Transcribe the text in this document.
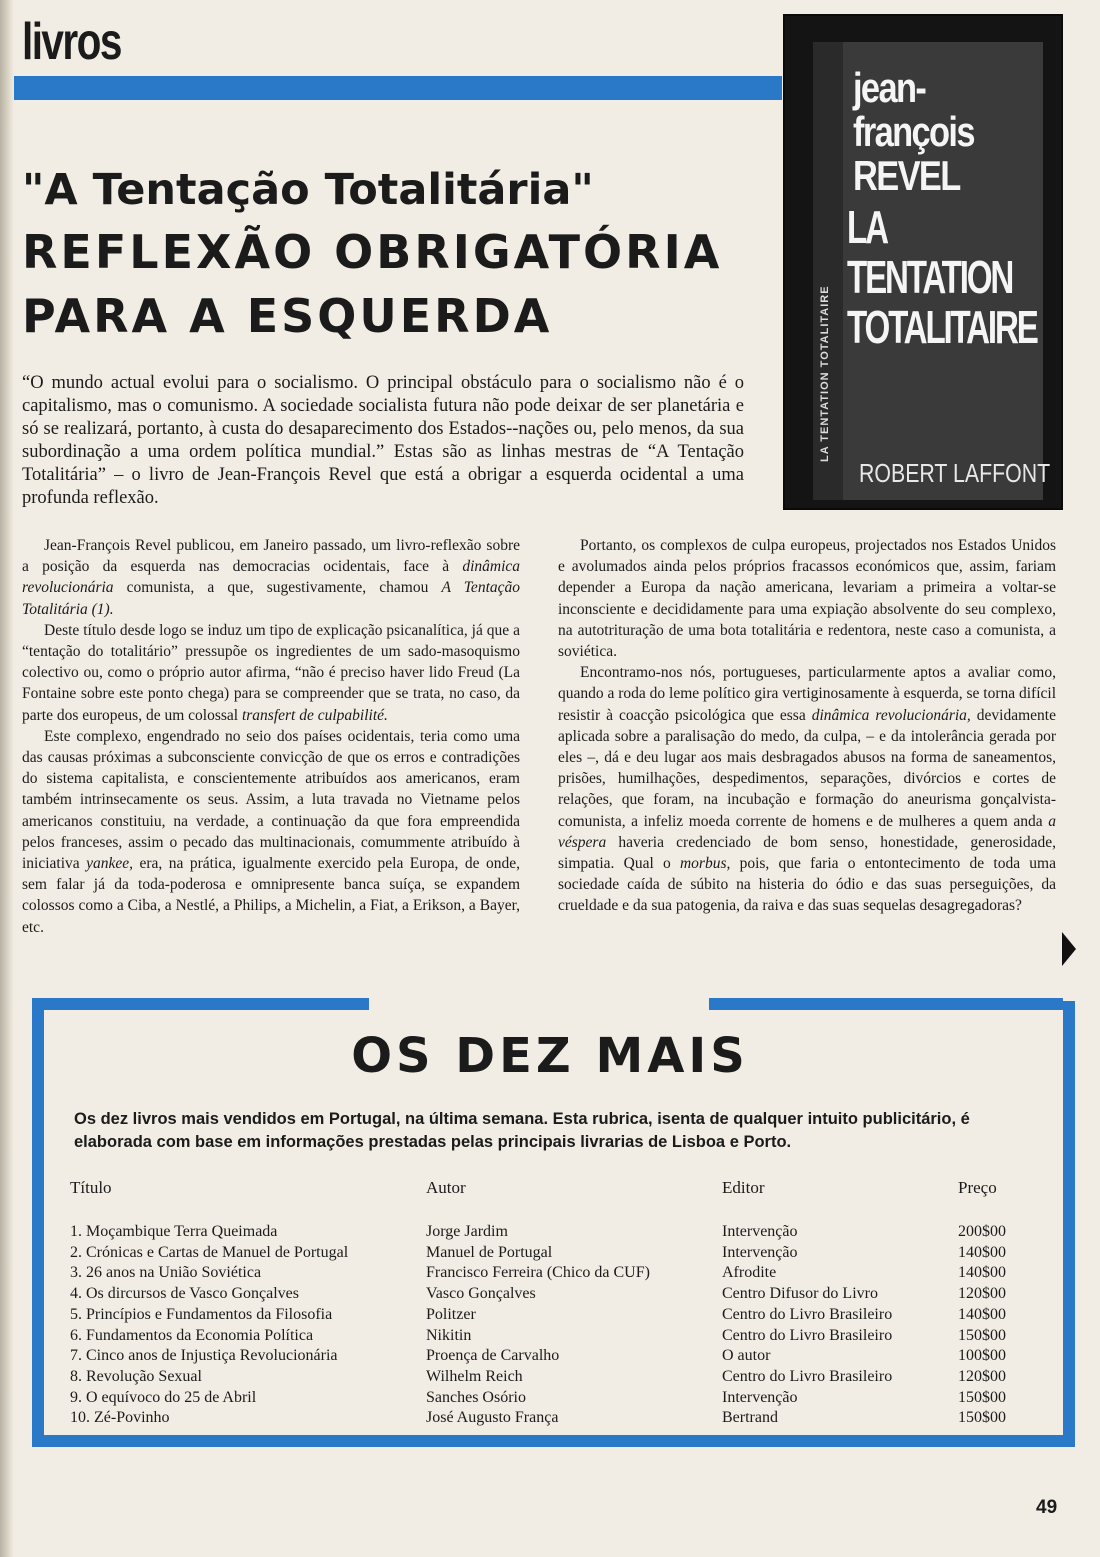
livros
LA TENTATION TOTALITAIRE
jean-françois REVEL
LA TENTATION TOTALITAIRE
ROBERT LAFFONT
"A Tentação Totalitária"
REFLEXÃO OBRIGATÓRIA
PARA A ESQUERDA
“O mundo actual evolui para o socialismo. O principal obstáculo para o socialismo não é o capitalismo, mas o comunismo. A sociedade socialista futura não pode deixar de ser planetária e só se realizará, portanto, à custa do desaparecimento dos Estados--nações ou, pelo menos, da sua subordinação a uma ordem política mundial.” Estas são as linhas mestras de “A Tentação Totalitária” – o livro de Jean-François Revel que está a obrigar a esquerda ocidental a uma profunda reflexão.

Jean-François Revel publicou, em Janeiro passado, um livro-reflexão sobre a posição da esquerda nas democracias ocidentais, face à dinâmica revolucionária comunista, a que, sugestivamente, chamou A Tentação Totalitária (1).

Deste título desde logo se induz um tipo de explicação psicanalítica, já que a “tentação do totalitário” pressupõe os ingredientes de um sado-masoquismo colectivo ou, como o próprio autor afirma, “não é preciso haver lido Freud (La Fontaine sobre este ponto chega) para se compreender que se trata, no caso, da parte dos europeus, de um colossal transfert de culpabilité.

Este complexo, engendrado no seio dos países ocidentais, teria como uma das causas próximas a subconsciente convicção de que os erros e contradições do sistema capitalista, e conscientemente atribuídos aos americanos, eram também intrinsecamente os seus. Assim, a luta travada no Vietname pelos americanos constituiu, na verdade, a continuação da que fora empreendida pelos franceses, assim o pecado das multinacionais, comummente atribuído à iniciativa yankee, era, na prática, igualmente exercido pela Europa, de onde, sem falar já da toda-poderosa e omnipresente banca suíça, se expandem colossos como a Ciba, a Nestlé, a Philips, a Michelin, a Fiat, a Erikson, a Bayer, etc.

Portanto, os complexos de culpa europeus, projectados nos Estados Unidos e avolumados ainda pelos próprios fracassos económicos que, assim, fariam depender a Europa da nação americana, levariam a primeira a voltar-se inconsciente e decididamente para uma expiação absolvente do seu complexo, na autotrituração de uma bota totalitária e redentora, neste caso a comunista, a soviética.

Encontramo-nos nós, portugueses, particularmente aptos a avaliar como, quando a roda do leme político gira vertiginosamente à esquerda, se torna difícil resistir à coacção psicológica que essa dinâmica revolucionária, devidamente aplicada sobre a paralisação do medo, da culpa, – e da intolerância gerada por eles –, dá e deu lugar aos mais desbragados abusos na forma de saneamentos, prisões, humilhações, despedimentos, separações, divórcios e cortes de relações, que foram, na incubação e formação do aneurisma gonçalvista-comunista, a infeliz moeda corrente de homens e de mulheres a quem anda a véspera haveria credenciado de bom senso, honestidade, generosidade, simpatia. Qual o morbus, pois, que faria o entontecimento de toda uma sociedade caída de súbito na histeria do ódio e das suas perseguições, da crueldade e da sua patogenia, da raiva e das suas sequelas desagregadoras?

OS DEZ MAIS
Os dez livros mais vendidos em Portugal, na última semana. Esta rubrica, isenta de qualquer intuito publicitário, é elaborada com base em informações prestadas pelas principais livrarias de Lisboa e Porto.
Título	Autor	Editor	Preço
1. Moçambique Terra Queimada	Jorge Jardim	Intervenção	200$00
2. Crónicas e Cartas de Manuel de Portugal	Manuel de Portugal	Intervenção	140$00
3. 26 anos na União Soviética	Francisco Ferreira (Chico da CUF)	Afrodite	140$00
4. Os dircursos de Vasco Gonçalves	Vasco Gonçalves	Centro Difusor do Livro	120$00
5. Princípios e Fundamentos da Filosofia	Politzer	Centro do Livro Brasileiro	140$00
6. Fundamentos da Economia Política	Nikitin	Centro do Livro Brasileiro	150$00
7. Cinco anos de Injustiça Revolucionária	Proença de Carvalho	O autor	100$00
8. Revolução Sexual	Wilhelm Reich	Centro do Livro Brasileiro	120$00
9. O equívoco do 25 de Abril	Sanches Osório	Intervenção	150$00
10. Zé-Povinho	José Augusto França	Bertrand	150$00
49
